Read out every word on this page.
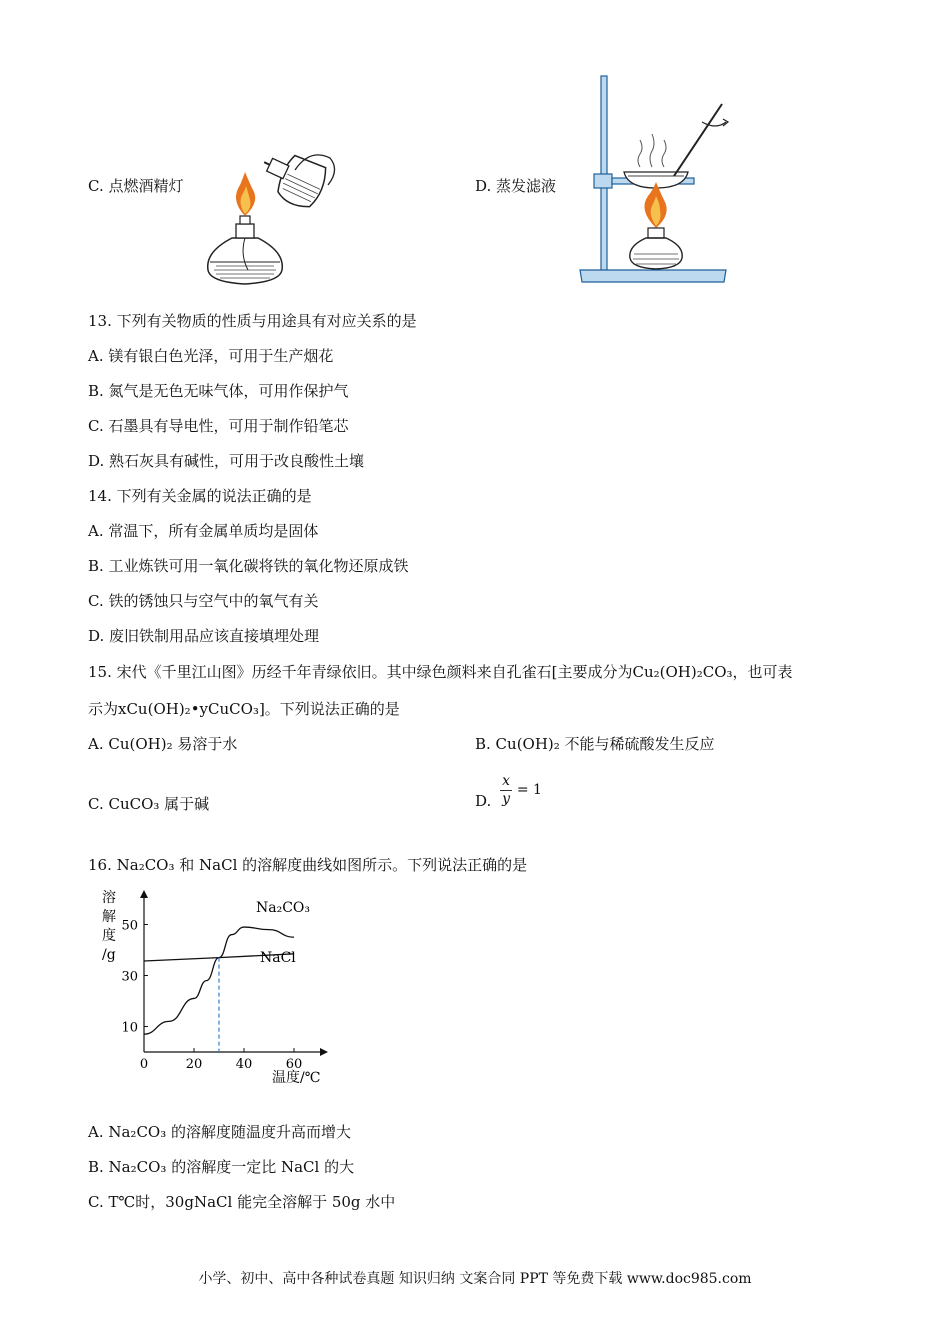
C. 点燃酒精灯	D. 蒸发滤液
13. 下列有关物质的性质与用途具有对应关系的是
A. 镁有银白色光泽，可用于生产烟花
B. 氮气是无色无味气体，可用作保护气
C. 石墨具有导电性，可用于制作铅笔芯
D. 熟石灰具有碱性，可用于改良酸性土壤
14. 下列有关金属的说法正确的是
A. 常温下，所有金属单质均是固体
B. 工业炼铁可用一氧化碳将铁的氧化物还原成铁
C. 铁的锈蚀只与空气中的氧气有关
D. 废旧铁制用品应该直接填埋处理
15. 宋代《千里江山图》历经千年青绿依旧。其中绿色颜料来自孔雀石[主要成分为Cu₂(OH)₂CO₃，也可表
示为xCu(OH)₂•yCuCO₃]。下列说法正确的是
A. Cu(OH)₂ 易溶于水	B. Cu(OH)₂ 不能与稀硫酸发生反应
C. CuCO₃ 属于碱	D. $\frac{x}{y} = 1$
16. Na₂CO₃ 和 NaCl 的溶解度曲线如图所示。下列说法正确的是
溶
解
度
/g
0	20	40	60
10
30
50
Na₂CO₃
NaCl
温度/℃
A. Na₂CO₃ 的溶解度随温度升高而增大
B. Na₂CO₃ 的溶解度一定比 NaCl 的大
C. T℃时，30gNaCl 能完全溶解于 50g 水中
小学、初中、高中各种试卷真题 知识归纳 文案合同 PPT 等免费下载 www.doc985.com
